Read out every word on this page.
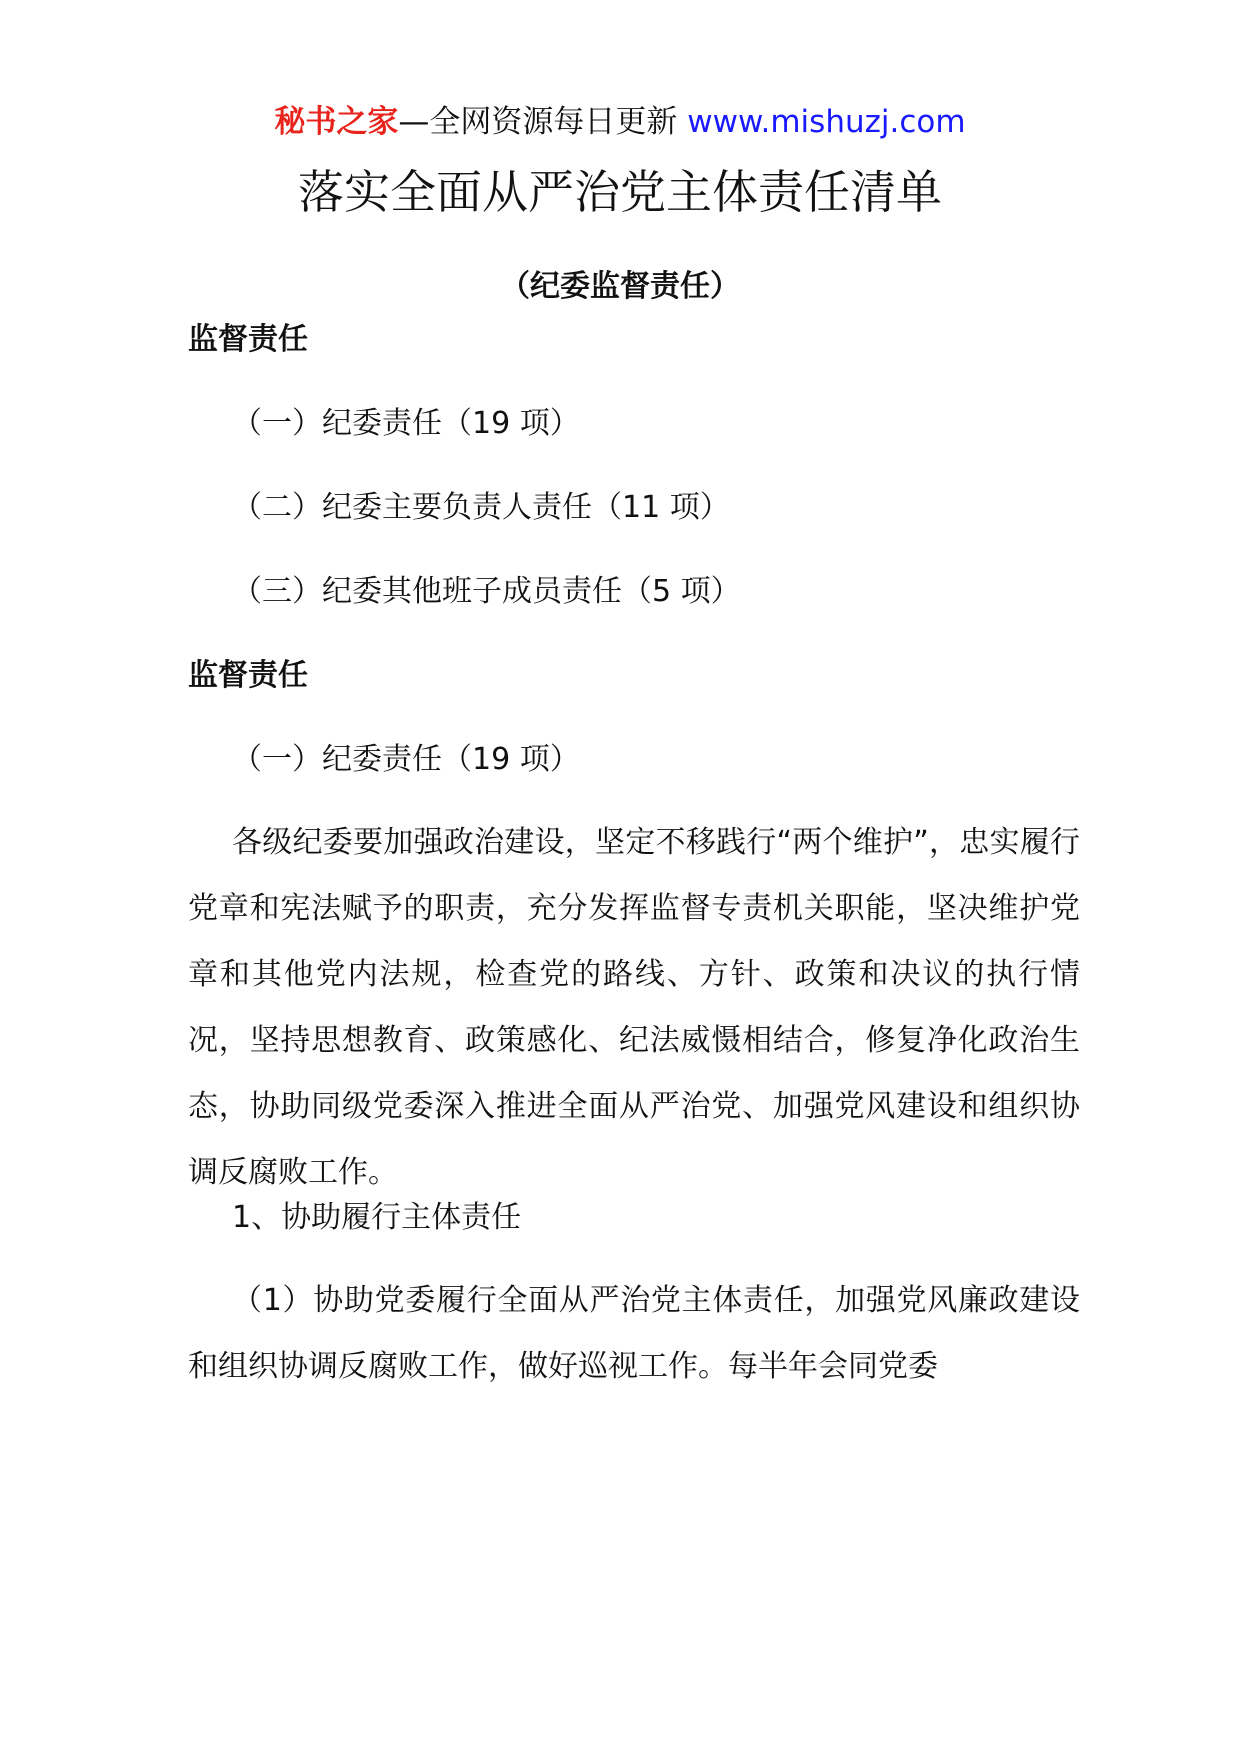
秘书之家—全网资源每日更新 www.mishuzj.com
落实全面从严治党主体责任清单
（纪委监督责任）
监督责任
（一）纪委责任（19 项）
（二）纪委主要负责人责任（11 项）
（三）纪委其他班子成员责任（5 项）
监督责任
（一）纪委责任（19 项）
各级纪委要加强政治建设，坚定不移践行“两个维护”，忠实履行党章和宪法赋予的职责，充分发挥监督专责机关职能，坚决维护党章和其他党内法规，检查党的路线、方针、政策和决议的执行情况，坚持思想教育、政策感化、纪法威慑相结合，修复净化政治生态，协助同级党委深入推进全面从严治党、加强党风建设和组织协调反腐败工作。
1、协助履行主体责任
（1）协助党委履行全面从严治党主体责任，加强党风廉政建设和组织协调反腐败工作，做好巡视工作。每半年会同党委
